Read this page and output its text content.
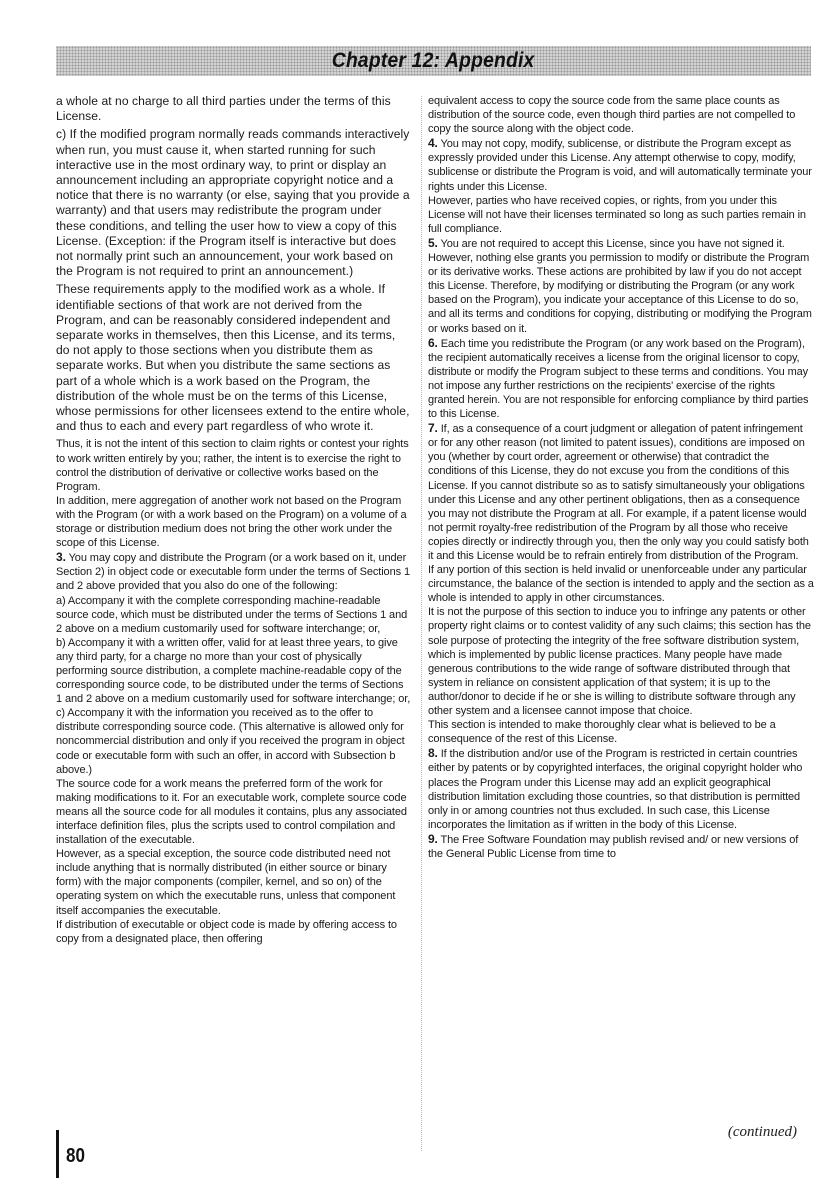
Chapter 12: Appendix

a whole at no charge to all third parties under the terms of this License.

c) If the modified program normally reads commands interactively when run, you must cause it, when started running for such interactive use in the most ordinary way, to print or display an announcement including an appropriate copyright notice and a notice that there is no warranty (or else, saying that you provide a warranty) and that users may redistribute the program under these conditions, and telling the user how to view a copy of this License. (Exception: if the Program itself is interactive but does not normally print such an announcement, your work based on the Program is not required to print an announcement.)

These requirements apply to the modified work as a whole. If identifiable sections of that work are not derived from the Program, and can be reasonably considered independent and separate works in themselves, then this License, and its terms, do not apply to those sections when you distribute them as separate works. But when you distribute the same sections as part of a whole which is a work based on the Program, the distribution of the whole must be on the terms of this License, whose permissions for other licensees extend to the entire whole, and thus to each and every part regardless of who wrote it.

Thus, it is not the intent of this section to claim rights or contest your rights to work written entirely by you; rather, the intent is to exercise the right to control the distribution of derivative or collective works based on the Program.

In addition, mere aggregation of another work not based on the Program with the Program (or with a work based on the Program) on a volume of a storage or distribution medium does not bring the other work under the scope of this License.

3. You may copy and distribute the Program (or a work based on it, under Section 2) in object code or executable form under the terms of Sections 1 and 2 above provided that you also do one of the following:

a) Accompany it with the complete corresponding machine-readable source code, which must be distributed under the terms of Sections 1 and 2 above on a medium customarily used for software interchange; or,

b) Accompany it with a written offer, valid for at least three years, to give any third party, for a charge no more than your cost of physically performing source distribution, a complete machine-readable copy of the corresponding source code, to be distributed under the terms of Sections 1 and 2 above on a medium customarily used for software interchange; or,

c) Accompany it with the information you received as to the offer to distribute corresponding source code. (This alternative is allowed only for noncommercial distribution and only if you received the program in object code or executable form with such an offer, in accord with Subsection b above.)

The source code for a work means the preferred form of the work for making modifications to it. For an executable work, complete source code means all the source code for all modules it contains, plus any associated interface definition files, plus the scripts used to control compilation and installation of the executable.

However, as a special exception, the source code distributed need not include anything that is normally distributed (in either source or binary form) with the major components (compiler, kernel, and so on) of the operating system on which the executable runs, unless that component itself accompanies the executable.

If distribution of executable or object code is made by offering access to copy from a designated place, then offering

equivalent access to copy the source code from the same place counts as distribution of the source code, even though third parties are not compelled to copy the source along with the object code.

4. You may not copy, modify, sublicense, or distribute the Program except as expressly provided under this License. Any attempt otherwise to copy, modify, sublicense or distribute the Program is void, and will automatically terminate your rights under this License.

However, parties who have received copies, or rights, from you under this License will not have their licenses terminated so long as such parties remain in full compliance.

5. You are not required to accept this License, since you have not signed it. However, nothing else grants you permission to modify or distribute the Program or its derivative works. These actions are prohibited by law if you do not accept this License. Therefore, by modifying or distributing the Program (or any work based on the Program), you indicate your acceptance of this License to do so, and all its terms and conditions for copying, distributing or modifying the Program or works based on it.

6. Each time you redistribute the Program (or any work based on the Program), the recipient automatically receives a license from the original licensor to copy, distribute or modify the Program subject to these terms and conditions. You may not impose any further restrictions on the recipients' exercise of the rights granted herein. You are not responsible for enforcing compliance by third parties to this License.

7. If, as a consequence of a court judgment or allegation of patent infringement or for any other reason (not limited to patent issues), conditions are imposed on you (whether by court order, agreement or otherwise) that contradict the conditions of this License, they do not excuse you from the conditions of this License. If you cannot distribute so as to satisfy simultaneously your obligations under this License and any other pertinent obligations, then as a consequence you may not distribute the Program at all. For example, if a patent license would not permit royalty-free redistribution of the Program by all those who receive copies directly or indirectly through you, then the only way you could satisfy both it and this License would be to refrain entirely from distribution of the Program.

If any portion of this section is held invalid or unenforceable under any particular circumstance, the balance of the section is intended to apply and the section as a whole is intended to apply in other circumstances.

It is not the purpose of this section to induce you to infringe any patents or other property right claims or to contest validity of any such claims; this section has the sole purpose of protecting the integrity of the free software distribution system, which is implemented by public license practices. Many people have made generous contributions to the wide range of software distributed through that system in reliance on consistent application of that system; it is up to the author/donor to decide if he or she is willing to distribute software through any other system and a licensee cannot impose that choice.

This section is intended to make thoroughly clear what is believed to be a consequence of the rest of this License.

8. If the distribution and/or use of the Program is restricted in certain countries either by patents or by copyrighted interfaces, the original copyright holder who places the Program under this License may add an explicit geographical distribution limitation excluding those countries, so that distribution is permitted only in or among countries not thus excluded. In such case, this License incorporates the limitation as if written in the body of this License.

9. The Free Software Foundation may publish revised and/ or new versions of the General Public License from time to

(continued)
80
